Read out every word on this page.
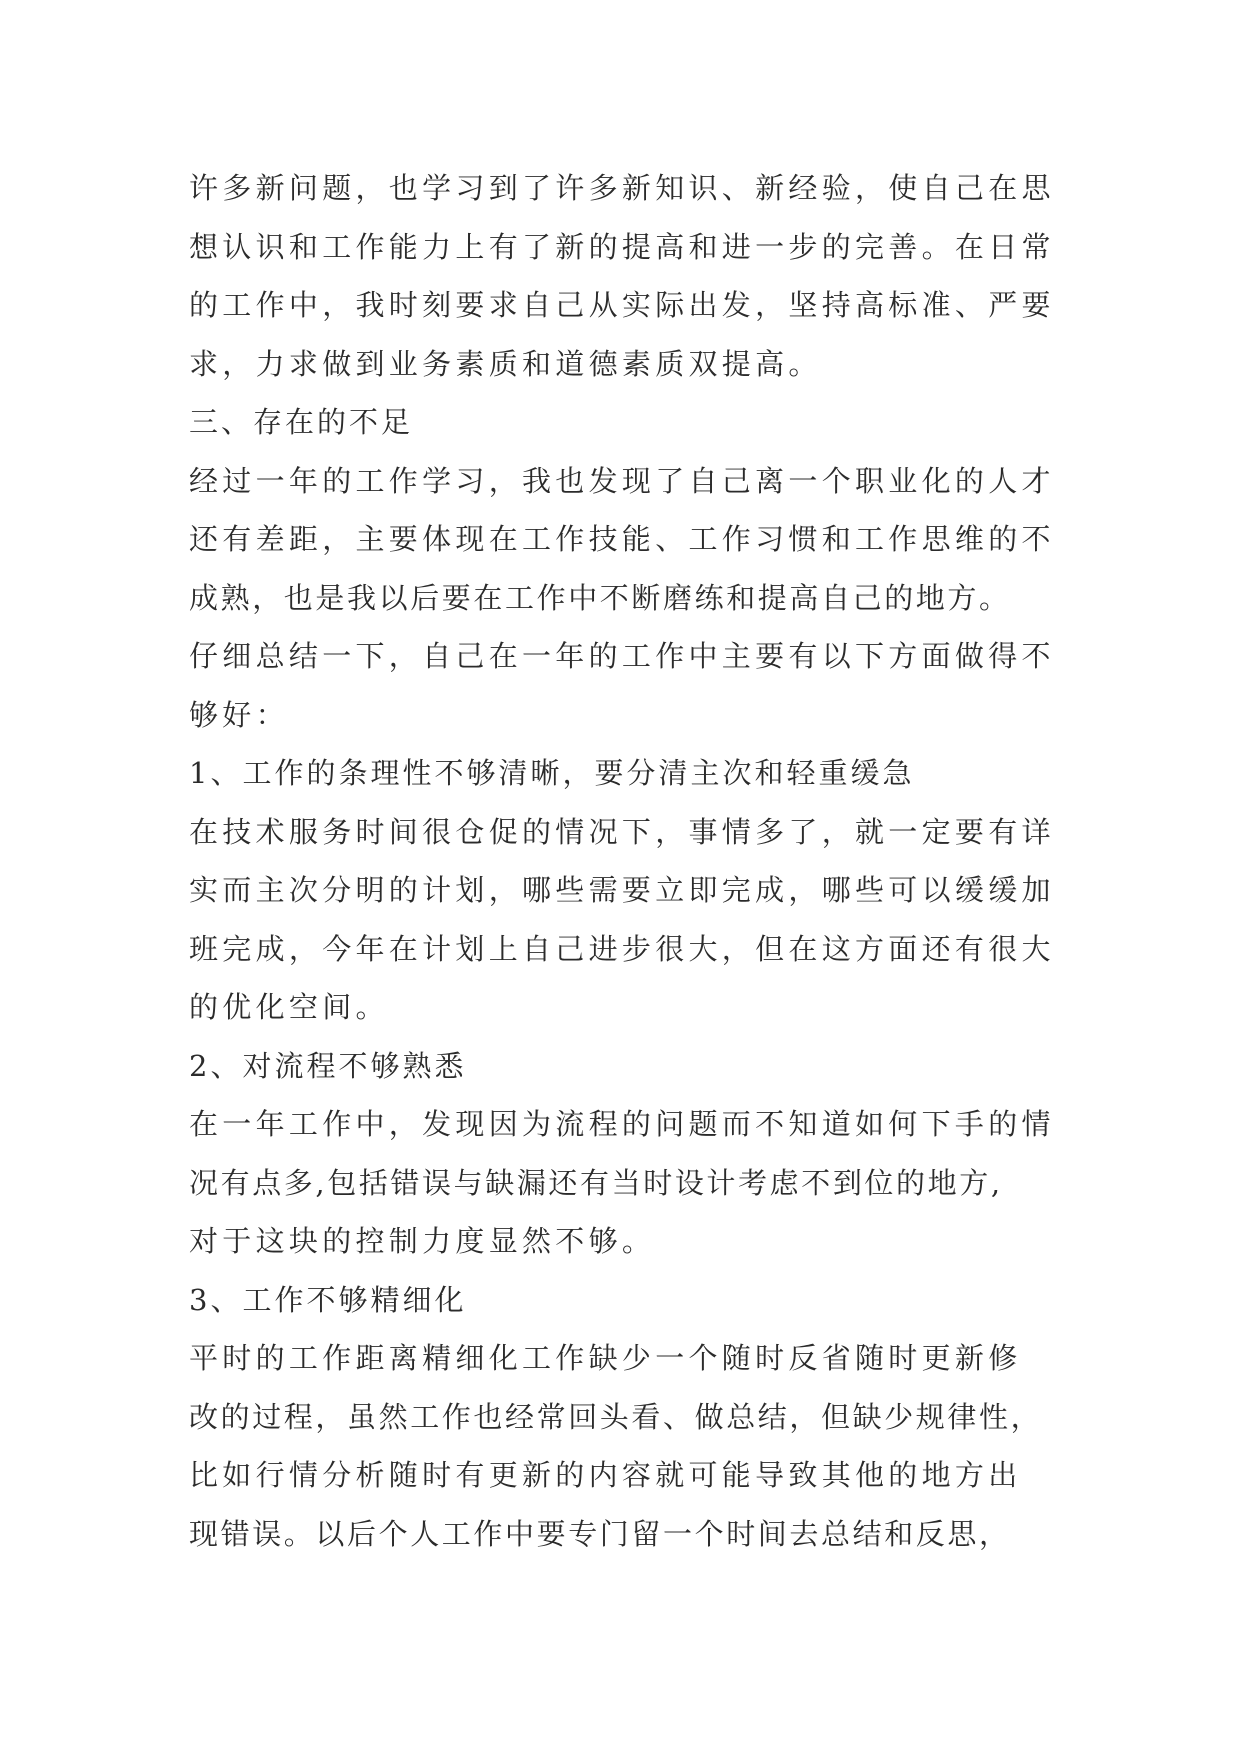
许多新问题，也学习到了许多新知识、新经验，使自己在思
想认识和工作能力上有了新的提高和进一步的完善。在日常
的工作中，我时刻要求自己从实际出发，坚持高标准、严要
求，力求做到业务素质和道德素质双提高。
三、存在的不足
经过一年的工作学习，我也发现了自己离一个职业化的人才
还有差距，主要体现在工作技能、工作习惯和工作思维的不
成熟，也是我以后要在工作中不断磨练和提高自己的地方。
仔细总结一下，自己在一年的工作中主要有以下方面做得不
够好：
1、工作的条理性不够清晰，要分清主次和轻重缓急
在技术服务时间很仓促的情况下，事情多了，就一定要有详
实而主次分明的计划，哪些需要立即完成，哪些可以缓缓加
班完成，今年在计划上自己进步很大，但在这方面还有很大
的优化空间。
2、对流程不够熟悉
在一年工作中，发现因为流程的问题而不知道如何下手的情
况有点多,包括错误与缺漏还有当时设计考虑不到位的地方,
对于这块的控制力度显然不够。
3、工作不够精细化
平时的工作距离精细化工作缺少一个随时反省随时更新修
改的过程，虽然工作也经常回头看、做总结，但缺少规律性，
比如行情分析随时有更新的内容就可能导致其他的地方出
现错误。以后个人工作中要专门留一个时间去总结和反思，
